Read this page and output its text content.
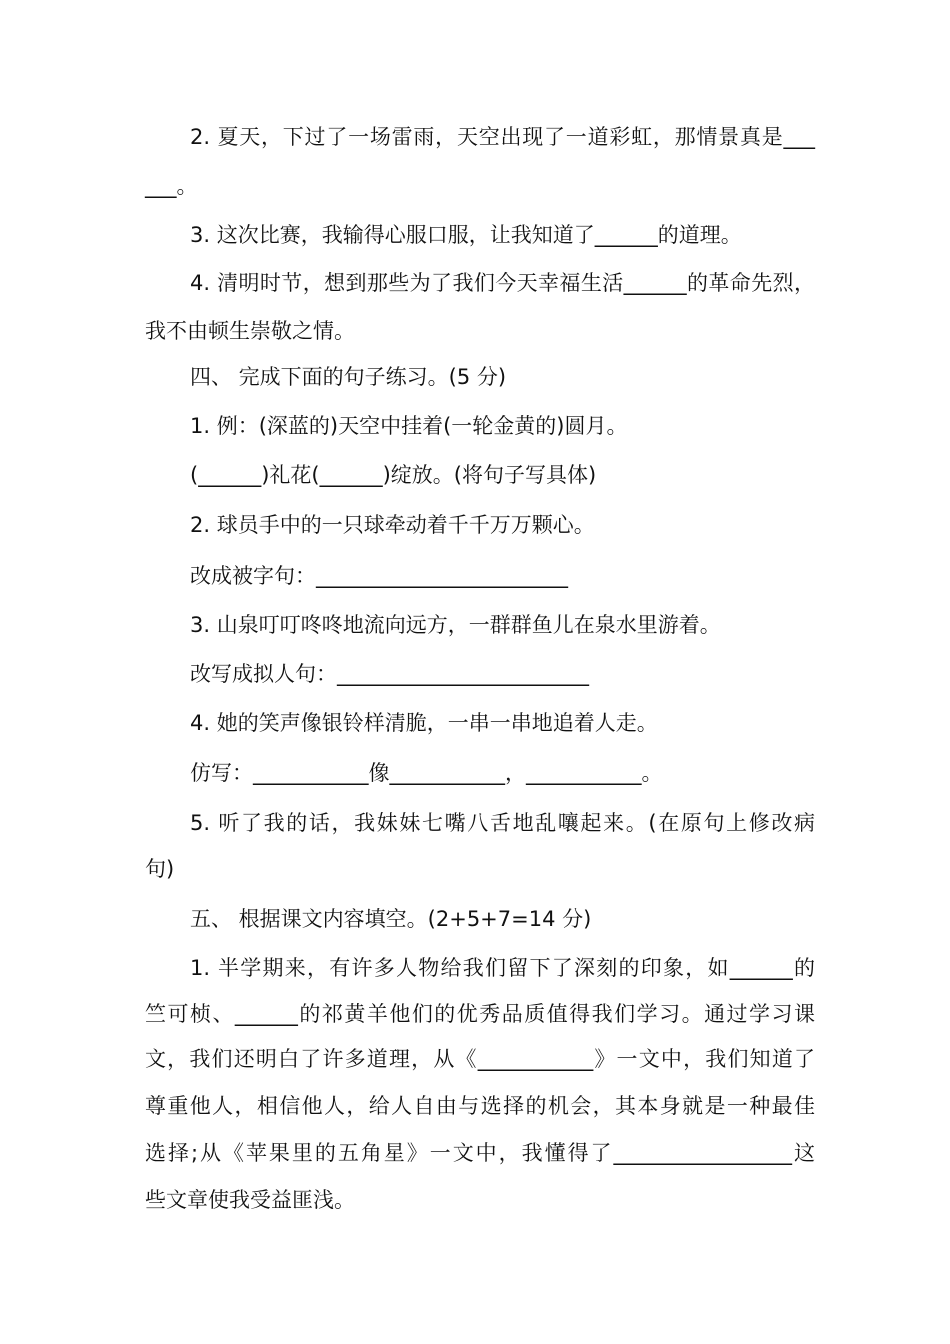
2. 夏天，下过了一场雷雨，天空出现了一道彩虹，那情景真是___
___。
3. 这次比赛，我输得心服口服，让我知道了______的道理。
4. 清明时节，想到那些为了我们今天幸福生活______的革命先烈，
我不由顿生崇敬之情。
四、 完成下面的句子练习。(5 分)
1. 例：(深蓝的)天空中挂着(一轮金黄的)圆月。
(______)礼花(______)绽放。(将句子写具体)
2. 球员手中的一只球牵动着千千万万颗心。
改成被字句：________________________
3. 山泉叮叮咚咚地流向远方，一群群鱼儿在泉水里游着。
改写成拟人句：________________________
4. 她的笑声像银铃样清脆，一串一串地追着人走。
仿写：___________像___________，___________。
5. 听了我的话，我妹妹七嘴八舌地乱嚷起来。(在原句上修改病
句)
五、 根据课文内容填空。(2+5+7=14 分)
1. 半学期来，有许多人物给我们留下了深刻的印象，如______的
竺可桢、______的祁黄羊他们的优秀品质值得我们学习。通过学习课
文，我们还明白了许多道理，从《___________》一文中，我们知道了
尊重他人，相信他人，给人自由与选择的机会，其本身就是一种最佳
选择;从《苹果里的五角星》一文中，我懂得了_________________这
些文章使我受益匪浅。
